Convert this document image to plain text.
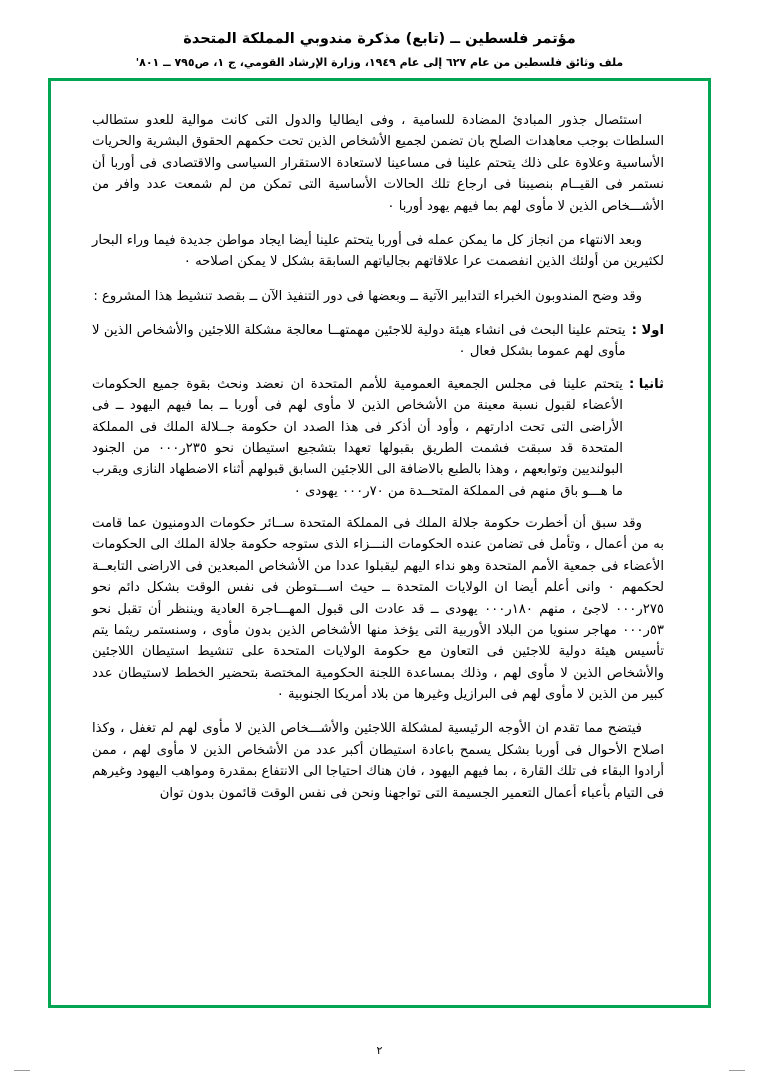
مؤتمر فلسطين ــ (تابع) مذكرة مندوبي المملكة المتحدة
ملف وثائق فلسطين من عام ٦٢٧ إلى عام ١٩٤٩، وزارة الإرشاد القومي، ج ١، ص٧٩٥ ــ ٨٠١'

استئصال جذور المبادئ المضادة للسامية ، وفى ايطاليا والدول التى كانت موالية للعدو ستطالب السلطات بوجب معاهدات الصلح بان تضمن لجميع الأشخاص الذين تحت حكمهم الحقوق البشرية والحريات الأساسية وعلاوة على ذلك يتحتم علينا فى مساعينا لاستعادة الاستقرار السياسى والاقتصادى فى أوربا أن نستمر فى القيــام بنصيبنا فى ارجاع تلك الحالات الأساسية التى تمكن من لم شمعت عدد وافر من الأشـــخاص الذين لا مأوى لهم بما فيهم يهود أوربا ٠

وبعد الانتهاء من انجاز كل ما يمكن عمله فى أوربا يتحتم علينا أيضا ايجاد مواطن جديدة فيما وراء البحار لكثيرين من أولئك الذين انفصمت عرا علاقاتهم بجالياتهم السابقة بشكل لا يمكن اصلاحه ٠

وقد وضح المندوبون الخبراء التدابير الآتية ــ وبعضها فى دور التنفيذ الآن ــ بقصد تنشيط هذا المشروع :

اولا :
يتحتم علينا البحث فى انشاء هيئة دولية للاجئين مهمتهــا معالجة مشكلة اللاجئين والأشخاص الذين لا مأوى لهم عموما بشكل فعال ٠
ثانيا :
يتحتم علينا فى مجلس الجمعية العمومية للأمم المتحدة ان نعضد ونحث بقوة جميع الحكومات الأعضاء لقبول نسبة معينة من الأشخاص الذين لا مأوى لهم فى أوربا ــ بما فيهم اليهود ــ فى الأراضى التى تحت ادارتهم ، وأود أن أذكر فى هذا الصدد ان حكومة جــلالة الملك فى المملكة المتحدة قد سبقت فشمت الطريق بقبولها تعهدا بتشجيع استيطان نحو ٢٣٥ر٠٠٠ من الجنود البولنديين وتوابعهم ، وهذا بالطبع بالاضافة الى اللاجئين السابق قبولهم أثناء الاضطهاد النازى ويقرب ما هـــو باق منهم فى المملكة المتحــدة من ٧٠ر٠٠٠ يهودى ٠

وقد سبق أن أخطرت حكومة جلالة الملك فى المملكة المتحدة ســائر حكومات الدومنيون عما قامت به من أعمال ، وتأمل فى تضامن عنده الحكومات النـــزاء الذى ستوجه حكومة جلالة الملك الى الحكومات الأعضاء فى جمعية الأمم المتحدة وهو نداء اليهم ليقبلوا عددا من الأشخاص المبعدين فى الاراضى التابعــة لحكمهم ٠ وانى أعلم أيضا ان الولايات المتحدة ــ حيث اســـتوطن فى نفس الوقت بشكل دائم نحو ٢٧٥ر٠٠٠ لاجئ ، منهم ١٨٠ر٠٠٠ يهودى ــ قد عادت الى قبول المهـــاجرة العادية ويننظر أن تقبل نحو ٥٣ر٠٠٠ مهاجر سنويا من البلاد الأوربية التى يؤخذ منها الأشخاص الذين بدون مأوى ، وسنستمر ريثما يتم تأسيس هيئة دولية للاجئين فى التعاون مع حكومة الولايات المتحدة على تنشيط استيطان اللاجئين والأشخاص الذين لا مأوى لهم ، وذلك بمساعدة اللجنة الحكومية المختصة بتحضير الخطط لاستيطان عدد كبير من الذين لا مأوى لهم فى البرازيل وغيرها من بلاد أمريكا الجنوبية ٠

فيتضح مما تقدم ان الأوجه الرئيسية لمشكلة اللاجئين والأشـــخاص الذين لا مأوى لهم لم تغفل ، وكذا اصلاح الأحوال فى أوربا بشكل يسمح باعادة استيطان أكبر عدد من الأشخاص الذين لا مأوى لهم ، ممن أرادوا البقاء فى تلك القارة ، بما فيهم اليهود ، فان هناك احتياجا الى الانتفاع بمقدرة ومواهب اليهود وغيرهم فى التيام بأعباء أعمال التعمير الجسيمة التى تواجهنا ونحن فى نفس الوقت قائمون بدون توان

٢
